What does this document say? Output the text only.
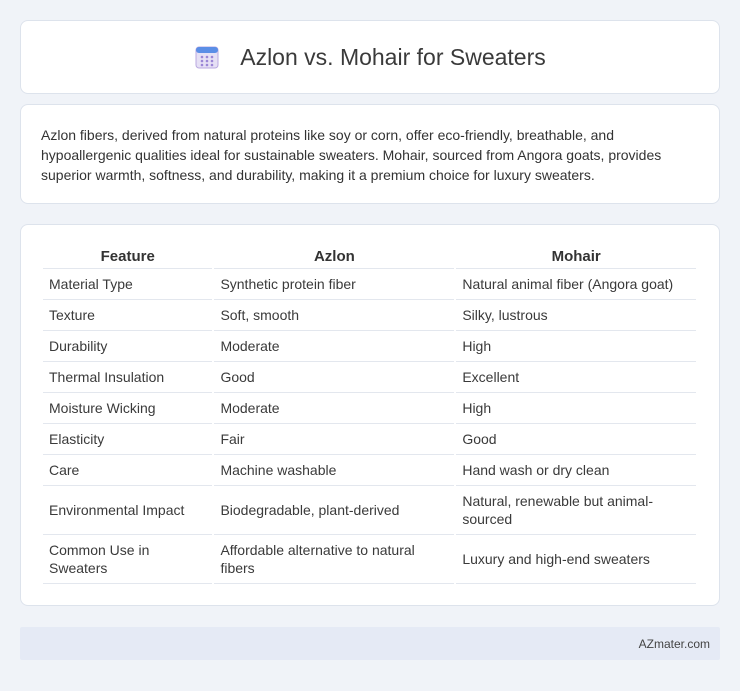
Azlon vs. Mohair for Sweaters

Azlon fibers, derived from natural proteins like soy or corn, offer eco-friendly, breathable, and hypoallergenic qualities ideal for sustainable sweaters. Mohair, sourced from Angora goats, provides superior warmth, softness, and durability, making it a premium choice for luxury sweaters.

Feature	Azlon	Mohair
Material Type	Synthetic protein fiber	Natural animal fiber (Angora goat)
Texture	Soft, smooth	Silky, lustrous
Durability	Moderate	High
Thermal Insulation	Good	Excellent
Moisture Wicking	Moderate	High
Elasticity	Fair	Good
Care	Machine washable	Hand wash or dry clean
Environmental Impact	Biodegradable, plant-derived	Natural, renewable but animal-sourced
Common Use in Sweaters	Affordable alternative to natural fibers	Luxury and high-end sweaters
AZmater.com
